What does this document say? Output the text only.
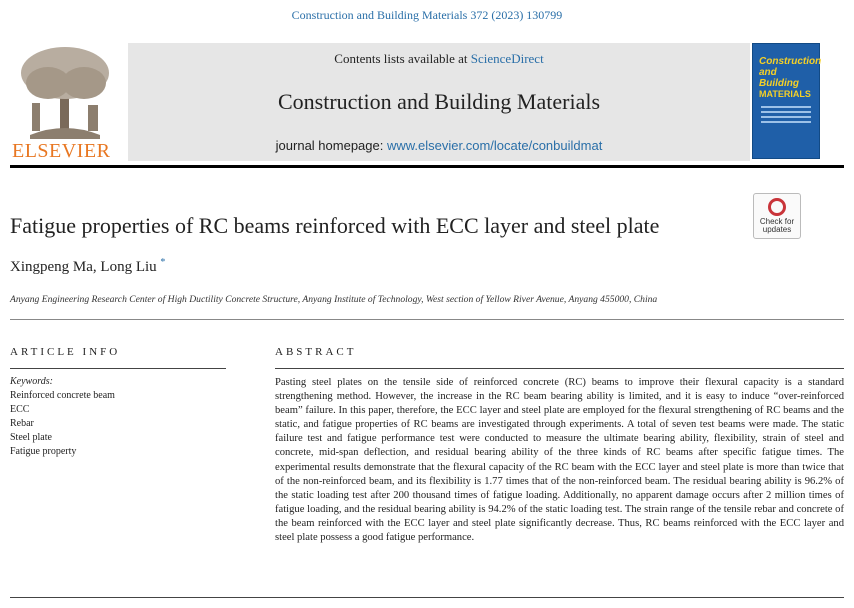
Construction and Building Materials 372 (2023) 130799
ELSEVIER
Contents lists available at ScienceDirect
Construction and Building Materials
journal homepage: www.elsevier.com/locate/conbuildmat
Construction
and Building
MATERIALS
Check for
updates
Fatigue properties of RC beams reinforced with ECC layer and steel plate
Xingpeng Ma, Long Liu *
Anyang Engineering Research Center of High Ductility Concrete Structure, Anyang Institute of Technology, West section of Yellow River Avenue, Anyang 455000, China
ARTICLE INFO	ABSTRACT
Keywords:
Reinforced concrete beam
ECC
Rebar
Steel plate
Fatigue property
Pasting steel plates on the tensile side of reinforced concrete (RC) beams to improve their flexural capacity is a standard strengthening method. However, the increase in the RC beam bearing ability is limited, and it is easy to induce “over-reinforced beam” failure. In this paper, therefore, the ECC layer and steel plate are employed for the flexural strengthening of RC beams and the static, and fatigue properties of RC beams are investigated through experiments. A total of seven test beams were made. The static failure test and fatigue performance test were conducted to measure the ultimate bearing ability, flexibility, strain of steel and concrete, mid-span deflection, and residual bearing ability of the three kinds of RC beams after specific fatigue times. The experimental results demonstrate that the flexural capacity of the RC beam with the ECC layer and steel plate is more than twice that of the non-reinforced beam, and its flexibility is 1.77 times that of the non-reinforced beam. The residual bearing ability is 96.2% of the static loading test after 200 thousand times of fatigue loading. Additionally, no apparent damage occurs after 2 million times of fatigue loading, and the residual bearing ability is 94.2% of the static loading test. The strain range of the tensile rebar and concrete of the beam reinforced with the ECC layer and steel plate significantly decrease. Thus, RC beams reinforced with the ECC layer and steel plate possess a good fatigue performance.
